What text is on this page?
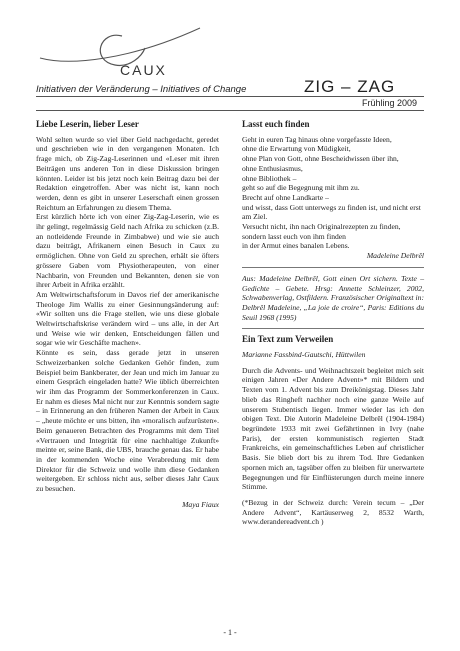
CAUX
Initiativen der Veränderung – Initiatives of Change	ZIG – ZAG
Frühling 2009
Liebe Leserin, lieber Leser

Wohl selten wurde so viel über Geld nachgedacht, geredet und geschrieben wie in den vergangenen Monaten. Ich frage mich, ob Zig-Zag-Leserinnen und «Leser mit ihren Beiträgen uns anderen Ton in diese Diskussion bringen könnten. Leider ist bis jetzt noch kein Beitrag dazu bei der Redaktion eingetroffen. Aber was nicht ist, kann noch werden, denn es gibt in unserer Leserschaft einen grossen Reichtum an Erfahrungen zu diesem Thema.

Erst kürzlich hörte ich von einer Zig-Zag-Leserin, wie es ihr gelingt, regelmässig Geld nach Afrika zu schicken (z.B. an notleidende Freunde in Zimbabwe) und wie sie auch dazu beiträgt, Afrikanern einen Besuch in Caux zu ermöglichen. Ohne von Geld zu sprechen, erhält sie öfters grössere Gaben vom Physiotherapeuten, von einer Nachbarin, von Freunden und Bekannten, denen sie von ihrer Arbeit in Afrika erzählt.

Am Weltwirtschaftsforum in Davos rief der amerikanische Theologe Jim Wallis zu einer Gesinnungsänderung auf: «Wir sollten uns die Frage stellen, wie uns diese globale Weltwirtschaftskrise verändern wird – uns alle, in der Art und Weise wie wir denken, Entscheidungen fällen und sogar wie wir Geschäfte machen».

Könnte es sein, dass gerade jetzt in unseren Schweizerbanken solche Gedanken Gehör finden, zum Beispiel beim Bankberater, der Jean und mich im Januar zu einem Gespräch eingeladen hatte? Wie üblich überreichten wir ihm das Programm der Sommerkonferenzen in Caux. Er nahm es dieses Mal nicht nur zur Kenntnis sondern sagte – in Erinnerung an den früheren Namen der Arbeit in Caux – „heute möchte er uns bitten, ihn «moralisch aufzurüsten». Beim genaueren Betrachten des Programms mit dem Titel «Vertrauen und Integrität für eine nachhaltige Zukunft» meinte er, seine Bank, die UBS, brauche genau das. Er habe in der kommenden Woche eine Verabredung mit dem Direktor für die Schweiz und wolle ihm diese Gedanken weitergeben. Er schloss nicht aus, selber dieses Jahr Caux zu besuchen.

Maya Fiaux

Lasst euch finden

Geht in euren Tag hinaus ohne vorgefasste Ideen,

ohne die Erwartung von Müdigkeit,

ohne Plan von Gott, ohne Bescheidwissen über ihn,

ohne Enthusiasmus,

ohne Bibliothek –

geht so auf die Begegnung mit ihm zu.

Brecht auf ohne Landkarte –

und wisst, dass Gott unterwegs zu finden ist, und nicht erst am Ziel.

Versucht nicht, ihn nach Originalrezepten zu finden,

sondern lasst euch von ihm finden

in der Armut eines banalen Lebens.

Madeleine Delbrêl

Aus: Madeleine Delbrêl, Gott einen Ort sichern. Texte – Gedichte – Gebete. Hrsg: Annette Schleinzer, 2002, Schwabenverlag, Ostfildern. Französischer Originaltext in: Delbrêl Madeleine, „La joie de croire“, Paris: Editions du Seuil 1968 (1995)

Ein Text zum Verweilen

Marianne Fassbind-Gautschi, Hüttwilen

Durch die Advents- und Weihnachtszeit begleitet mich seit einigen Jahren «Der Andere Advent»* mit Bildern und Texten vom 1. Advent bis zum Dreikönigstag. Dieses Jahr blieb das Ringheft nachher noch eine ganze Weile auf unserem Stubentisch liegen. Immer wieder las ich den obigen Text. Die Autorin Madeleine Delbrêl (1904-1984) begründete 1933 mit zwei Gefährtinnen in Ivry (nahe Paris), der ersten kommunistisch regierten Stadt Frankreichs, ein gemeinschaftliches Leben auf christlicher Basis. Sie blieb dort bis zu ihrem Tod. Ihre Gedanken spornen mich an, tagsüber offen zu bleiben für unerwartete Begegnungen und für Einflüsterungen durch meine innere Stimme.

(*Bezug in der Schweiz durch: Verein tecum – „Der Andere Advent“, Kartäuserweg 2, 8532 Warth, www.derandereadvent.ch )

- 1 -
